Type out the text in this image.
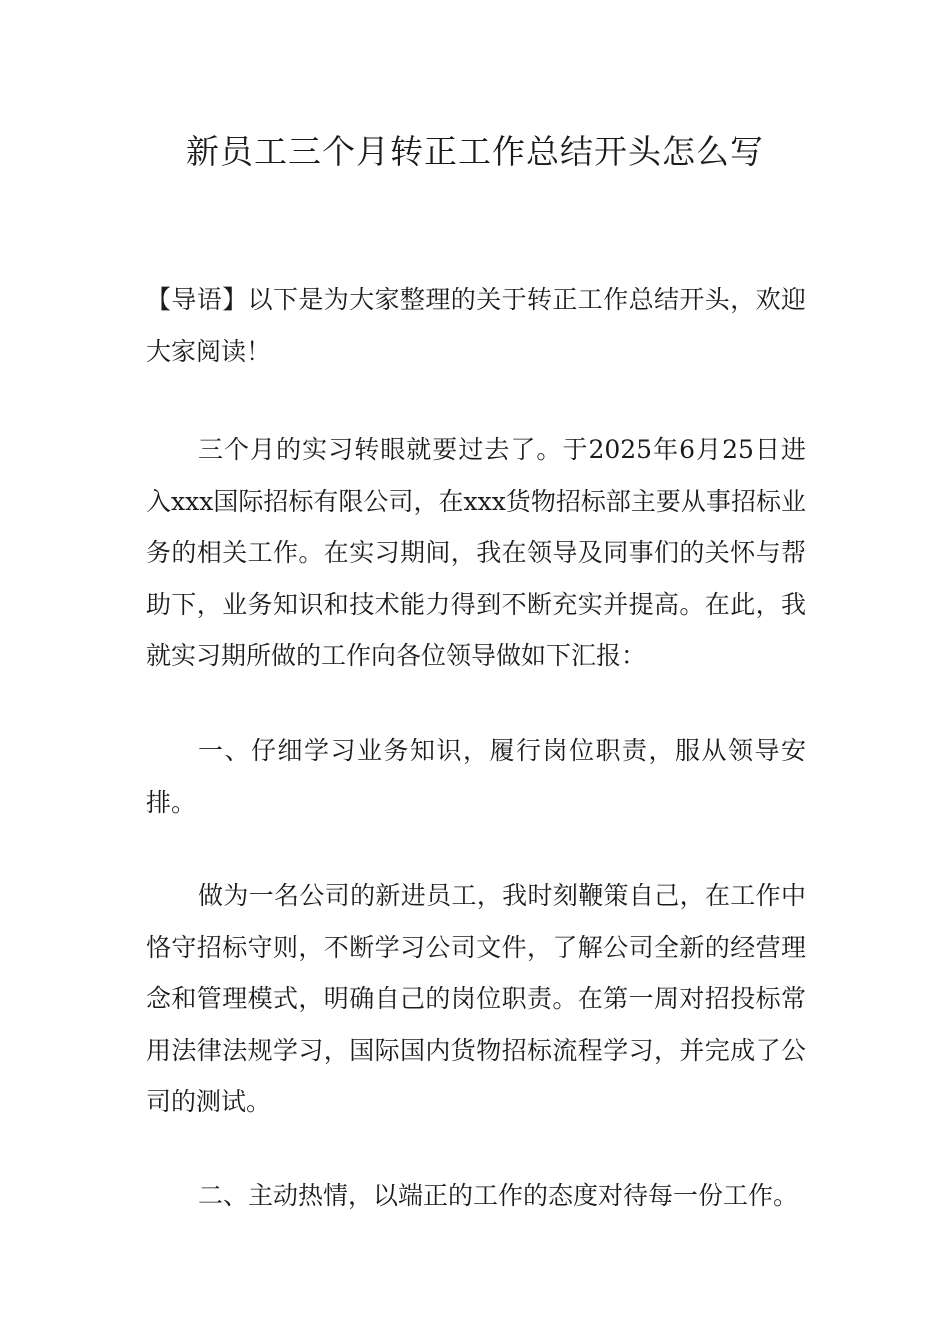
新员工三个月转正工作总结开头怎么写

【导语】以下是为大家整理的关于转正工作总结开头，欢迎大家阅读！

三个月的实习转眼就要过去了。于2025年6月25日进入xxx国际招标有限公司，在xxx货物招标部主要从事招标业务的相关工作。在实习期间，我在领导及同事们的关怀与帮助下，业务知识和技术能力得到不断充实并提高。在此，我就实习期所做的工作向各位领导做如下汇报：

一、仔细学习业务知识，履行岗位职责，服从领导安排。

做为一名公司的新进员工，我时刻鞭策自己，在工作中恪守招标守则，不断学习公司文件，了解公司全新的经营理念和管理模式，明确自己的岗位职责。在第一周对招投标常用法律法规学习，国际国内货物招标流程学习，并完成了公司的测试。

二、主动热情，以端正的工作的态度对待每一份工作。
